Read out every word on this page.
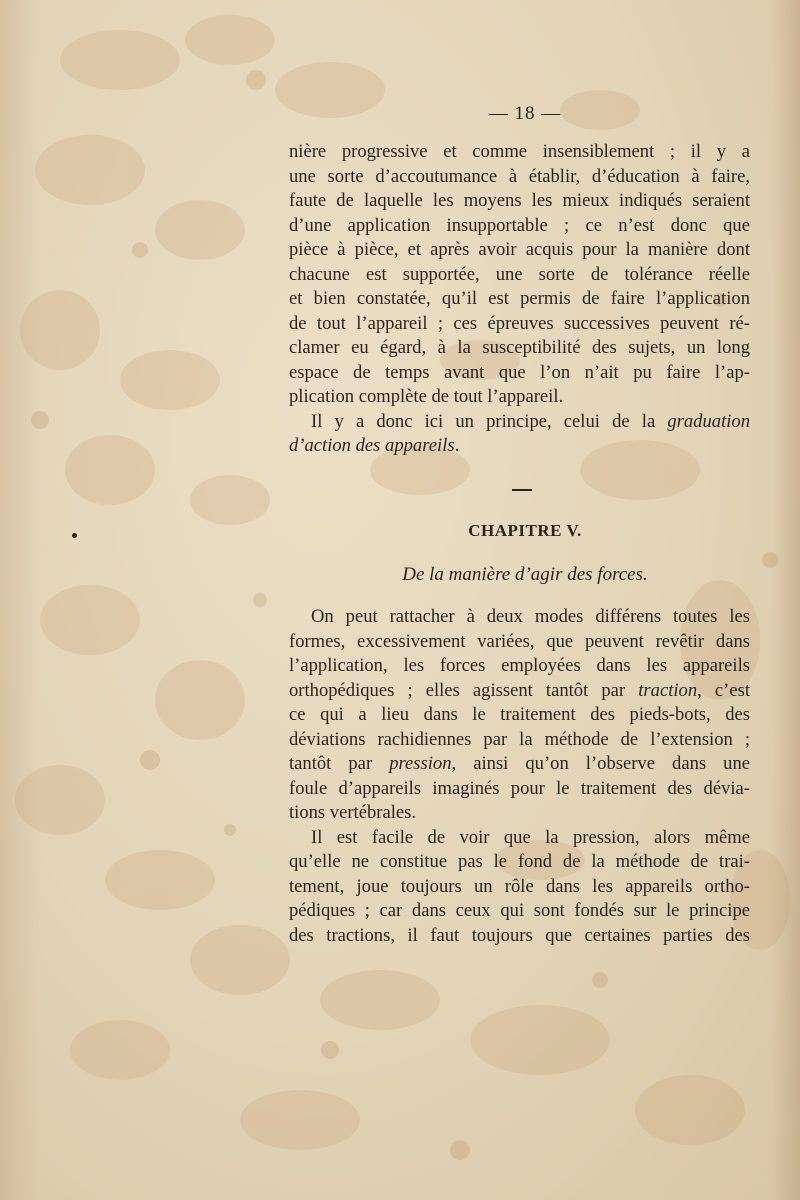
— 18 —
nière progressive et comme insensiblement ; il y a
une sorte d’accoutumance à établir, d’éducation à faire,
faute de laquelle les moyens les mieux indiqués seraient
d’une application insupportable ; ce n’est donc que
pièce à pièce, et après avoir acquis pour la manière dont
chacune est supportée, une sorte de tolérance réelle
et bien constatée, qu’il est permis de faire l’application
de tout l’appareil ; ces épreuves successives peuvent ré-
clamer eu égard, à la susceptibilité des sujets, un long
espace de temps avant que l’on n’ait pu faire l’ap-
plication complète de tout l’appareil.
Il y a donc ici un principe, celui de la graduation
d’action des appareils.
CHAPITRE V.
De la manière d’agir des forces.
On peut rattacher à deux modes différens toutes les
formes, excessivement variées, que peuvent revêtir dans
l’application, les forces employées dans les appareils
orthopédiques ; elles agissent tantôt par traction, c’est
ce qui a lieu dans le traitement des pieds-bots, des
déviations rachidiennes par la méthode de l’extension ;
tantôt par pression, ainsi qu’on l’observe dans une
foule d’appareils imaginés pour le traitement des dévia-
tions vertébrales.
Il est facile de voir que la pression, alors même
qu’elle ne constitue pas le fond de la méthode de trai-
tement, joue toujours un rôle dans les appareils ortho-
pédiques ; car dans ceux qui sont fondés sur le principe
des tractions, il faut toujours que certaines parties des
